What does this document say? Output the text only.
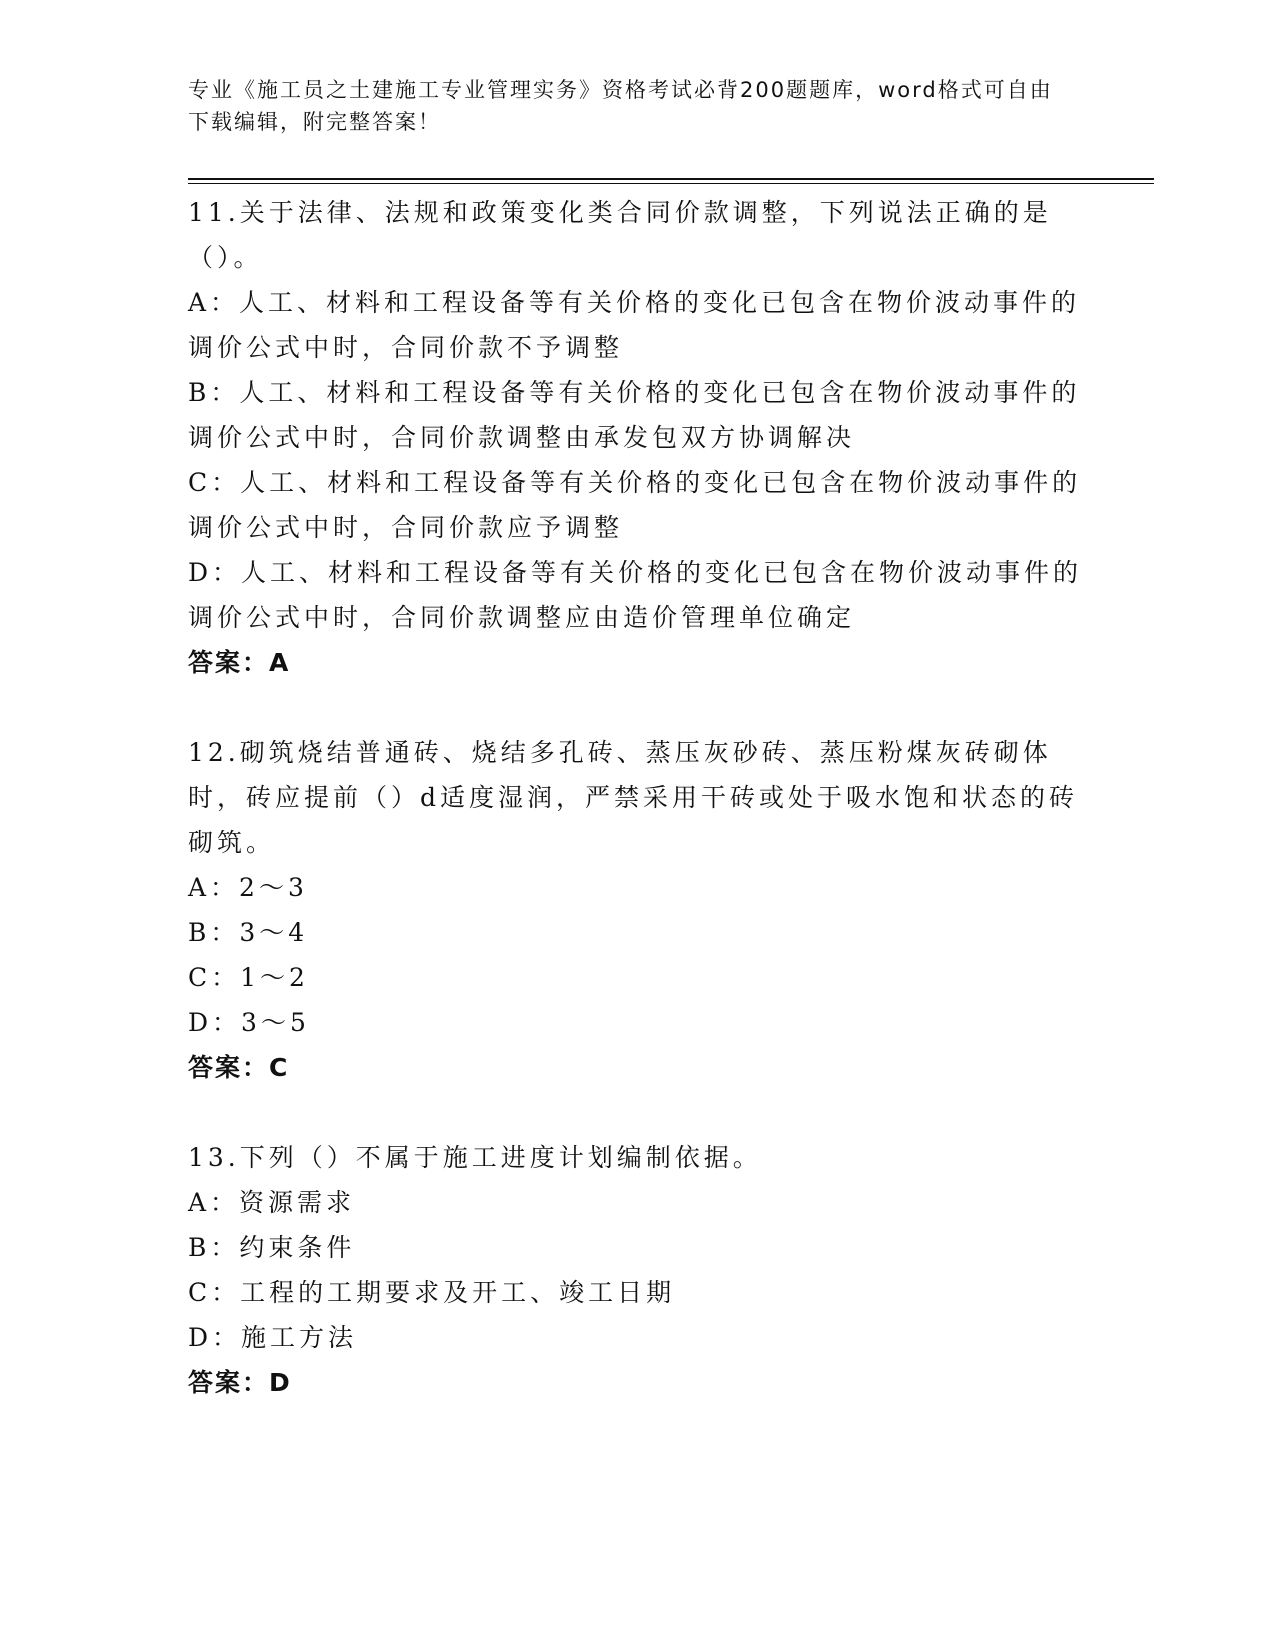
专业《施工员之土建施工专业管理实务》资格考试必背200题题库，word格式可自由下载编辑，附完整答案！

11.关于法律、法规和政策变化类合同价款调整，下列说法正确的是（）。

A：人工、材料和工程设备等有关价格的变化已包含在物价波动事件的调价公式中时，合同价款不予调整

B：人工、材料和工程设备等有关价格的变化已包含在物价波动事件的调价公式中时，合同价款调整由承发包双方协调解决

C：人工、材料和工程设备等有关价格的变化已包含在物价波动事件的调价公式中时，合同价款应予调整

D：人工、材料和工程设备等有关价格的变化已包含在物价波动事件的调价公式中时，合同价款调整应由造价管理单位确定

答案：A

12.砌筑烧结普通砖、烧结多孔砖、蒸压灰砂砖、蒸压粉煤灰砖砌体时，砖应提前（）d适度湿润，严禁采用干砖或处于吸水饱和状态的砖砌筑。

A：2～3

B：3～4

C：1～2

D：3～5

答案：C

13.下列（）不属于施工进度计划编制依据。

A：资源需求

B：约束条件

C：工程的工期要求及开工、竣工日期

D：施工方法

答案：D
